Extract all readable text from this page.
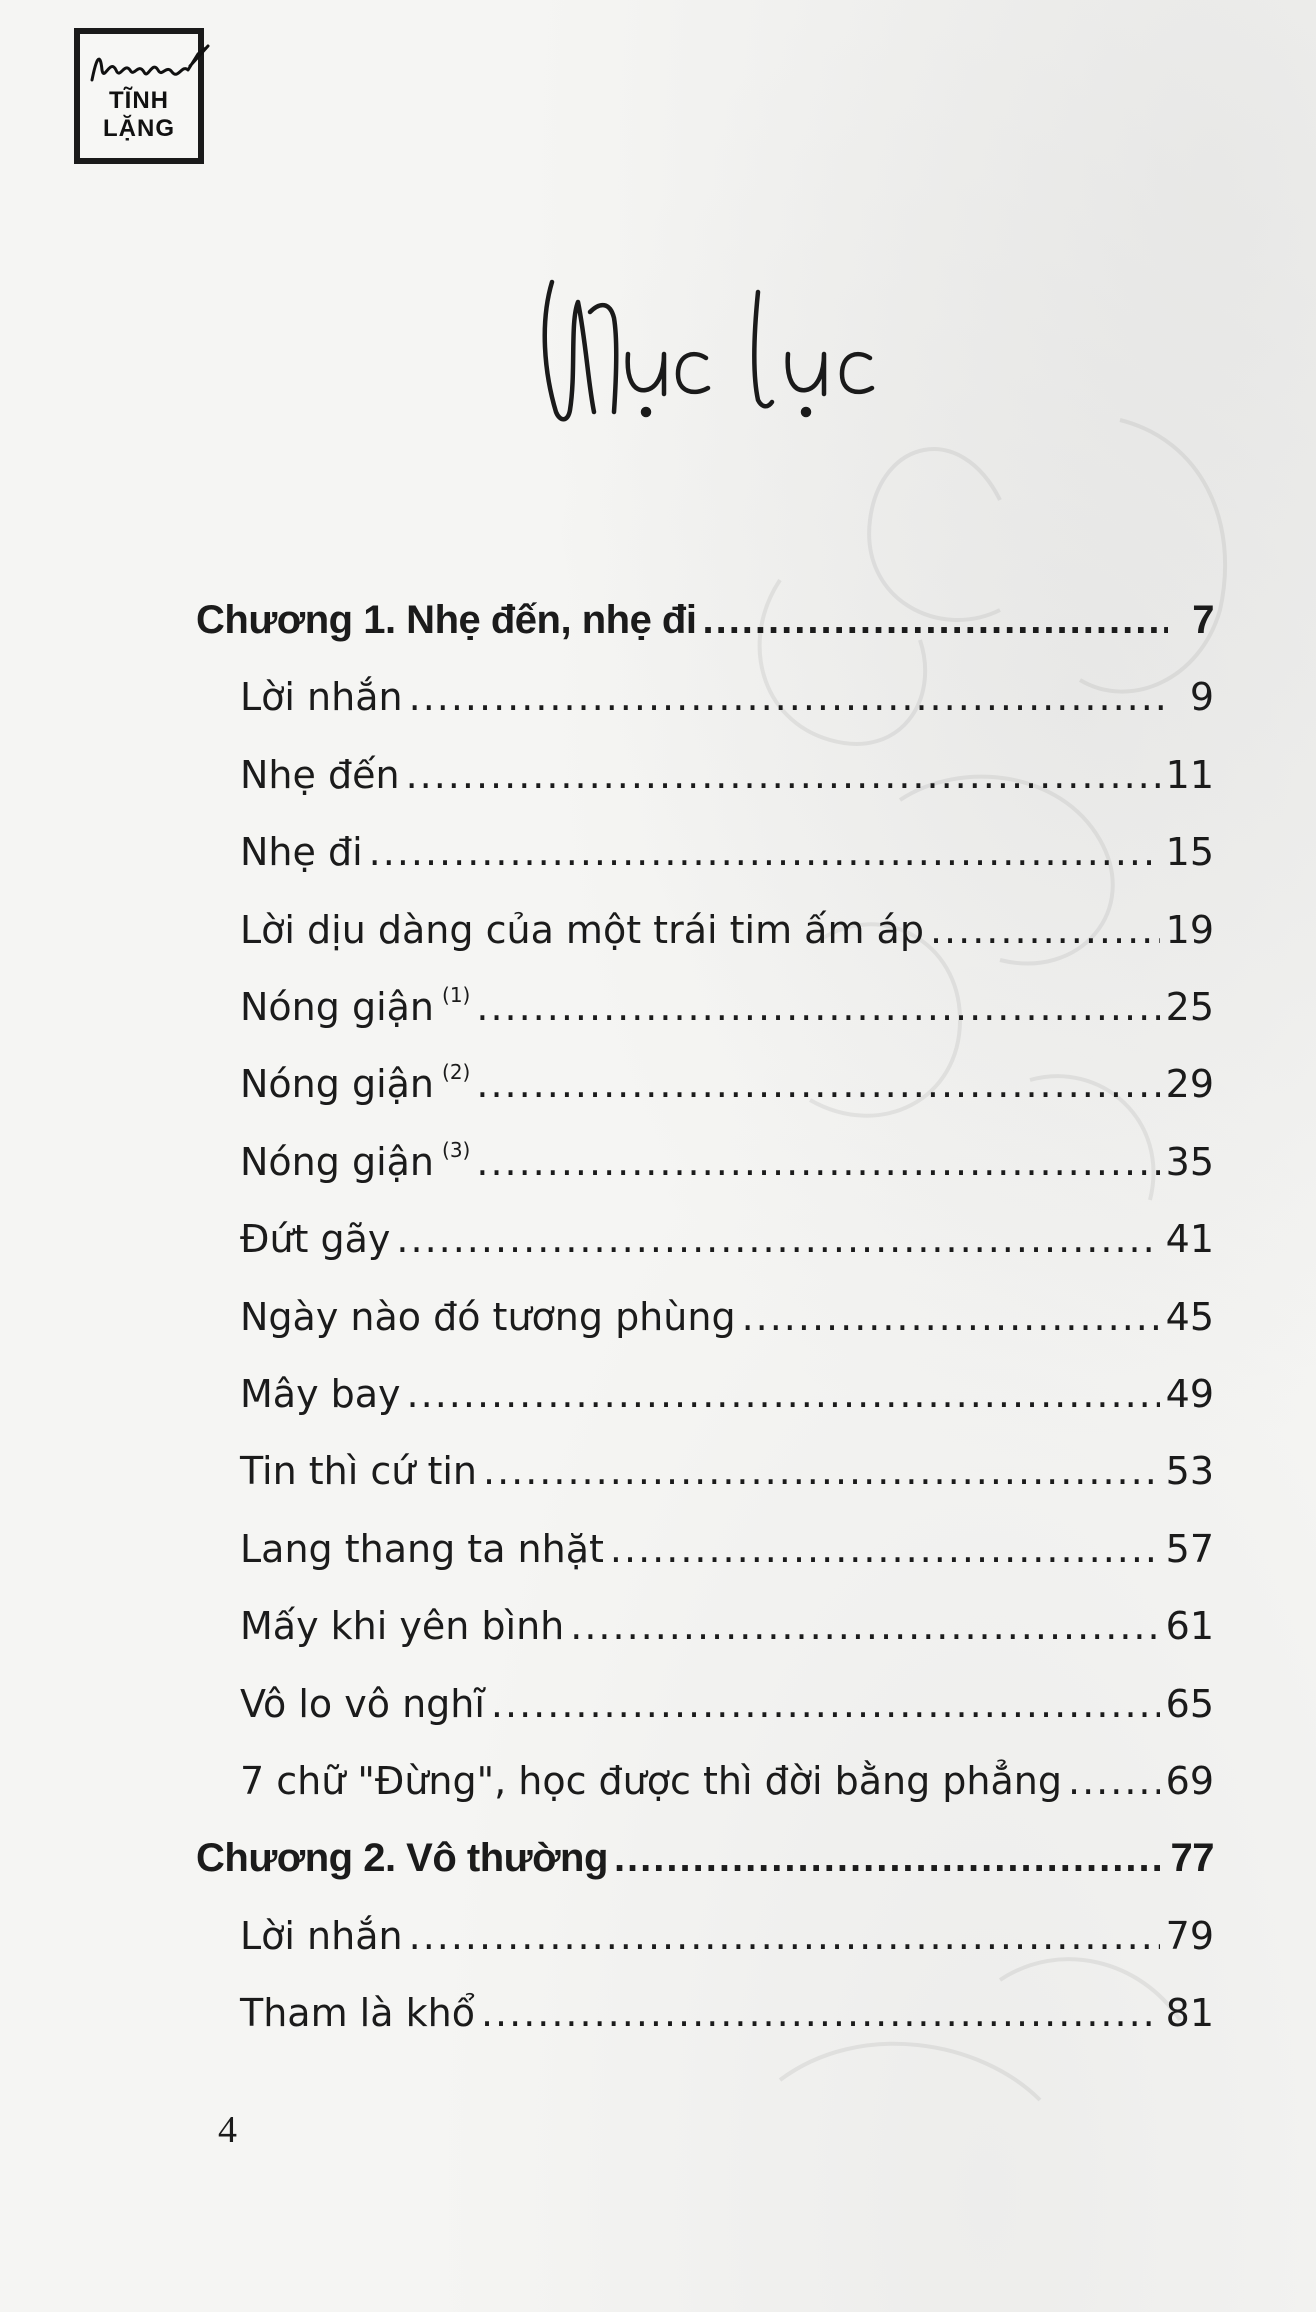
TĨNH
LẶNG
Chương 1. Nhẹ đến, nhẹ đi .....	7
Lời nhắn .....	9
Nhẹ đến .....	11
Nhẹ đi .....	15
Lời dịu dàng của một trái tim ấm áp .....	19
Nóng giận $^{(1)}$ .....	25
Nóng giận $^{(2)}$ .....	29
Nóng giận $^{(3)}$ .....	35
Đứt gãy .....	41
Ngày nào đó tương phùng .....	45
Mây bay .....	49
Tin thì cứ tin .....	53
Lang thang ta nhặt .....	57
Mấy khi yên bình .....	61
Vô lo vô nghĩ .....	65
7 chữ "Đừng", học được thì đời bằng phẳng .....	69
Chương 2. Vô thường .....	77
Lời nhắn .....	79
Tham là khổ .....	81
4
